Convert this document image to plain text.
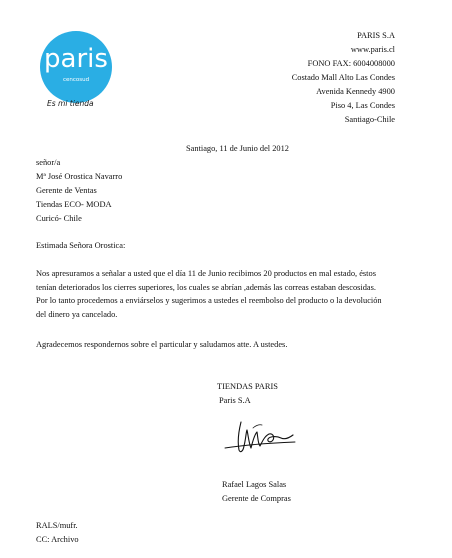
paris
cencosud
Es mi tienda
PARIS S.A
www.paris.cl
FONO FAX: 6004008000
Costado Mall Alto Las Condes
Avenida Kennedy 4900
Piso 4, Las Condes
Santiago-Chile
Santiago, 11 de Junio del 2012
señor/a
Mª José Orostica Navarro
Gerente de Ventas
Tiendas ECO- MODA
Curicó- Chile
Estimada Señora Orostica:
Nos apresuramos a señalar a usted que el día 11 de Junio recibimos 20 productos en mal estado, éstos
tenían deteriorados los cierres superiores, los cuales se abrían ,además las correas estaban descosidas.
Por lo tanto procedemos a enviárselos y sugerimos a ustedes el reembolso del producto o la devolución
del dinero ya cancelado.
Agradecemos respondernos sobre el particular y saludamos atte. A ustedes.
TIENDAS PARIS
Paris S.A
Rafael Lagos Salas
Gerente de Compras
RALS/mufr.
CC: Archivo
